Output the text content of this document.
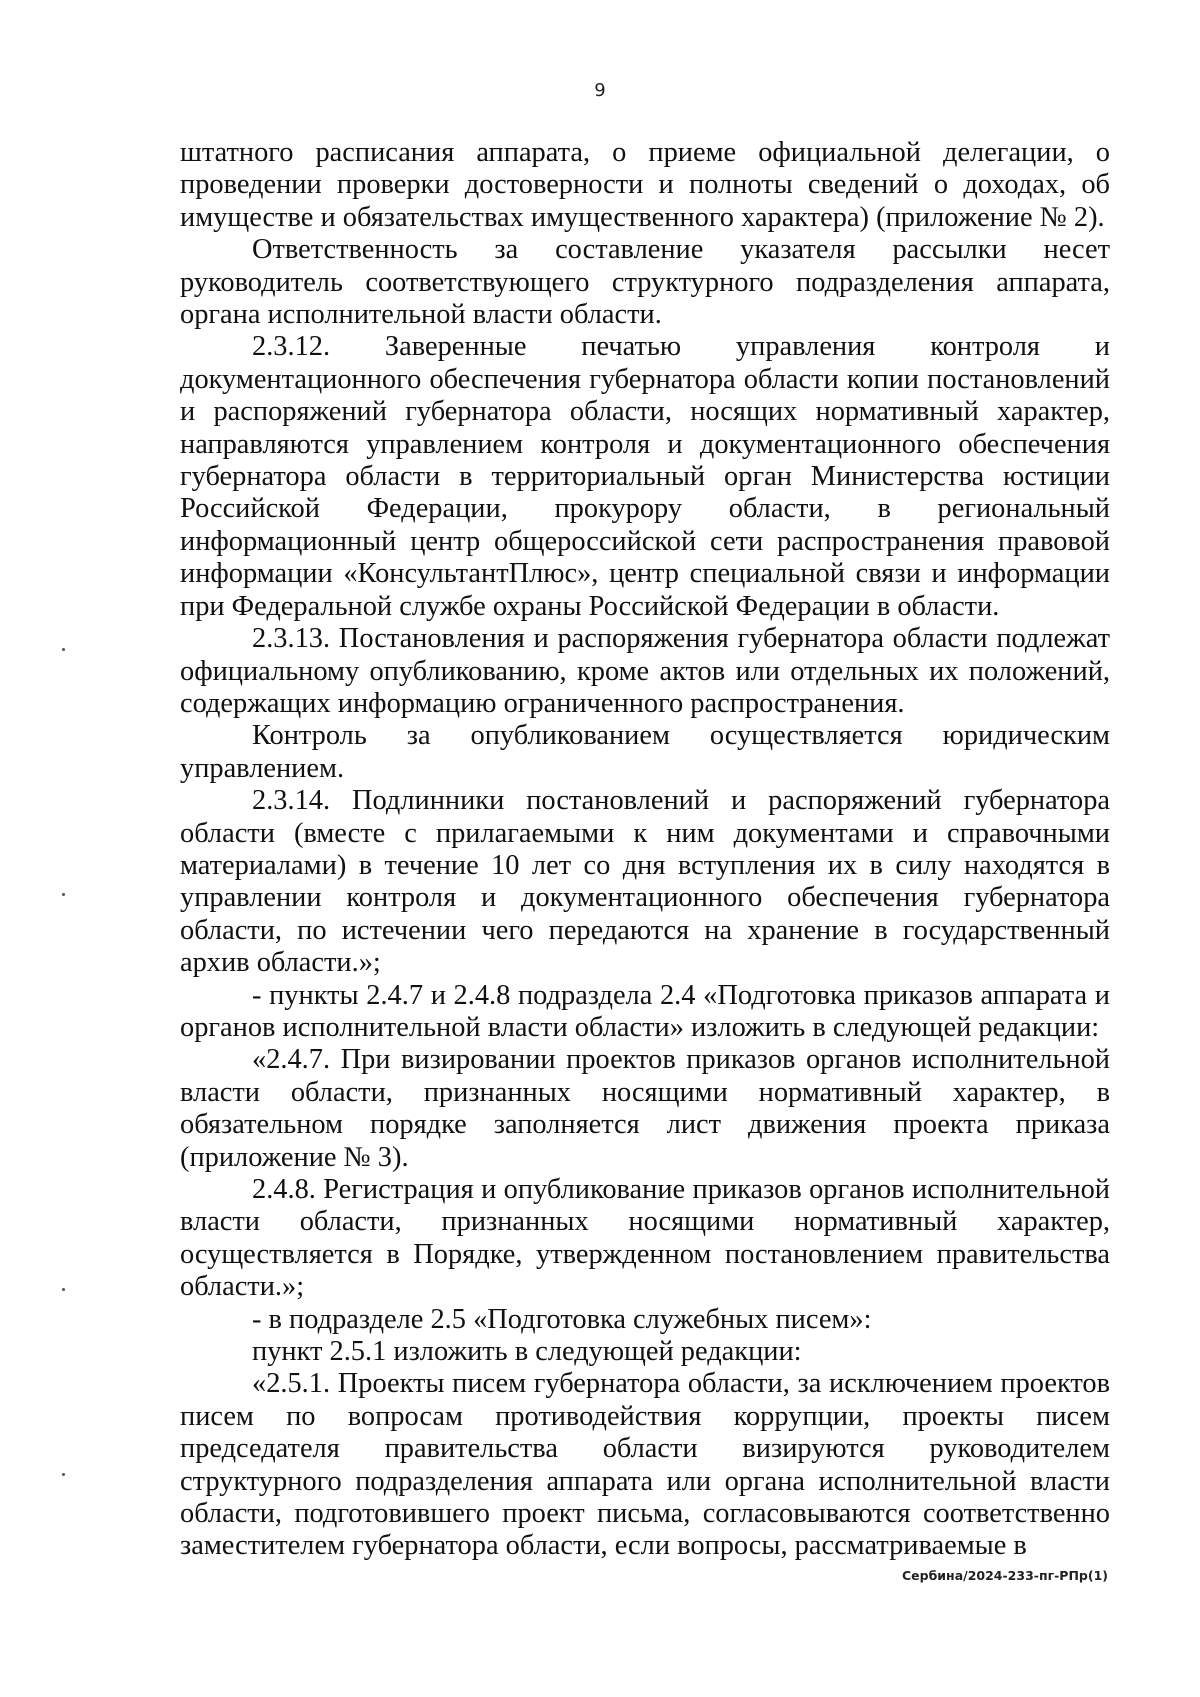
9

штатного расписания аппарата, о приеме официальной делегации, о проведении проверки достоверности и полноты сведений о доходах, об имуществе и обязательствах имущественного характера) (приложение № 2).

Ответственность за составление указателя рассылки несет руководитель соответствующего структурного подразделения аппарата, органа исполнительной власти области.

2.3.12. Заверенные печатью управления контроля и документационного обеспечения губернатора области копии постановлений и распоряжений губернатора области, носящих нормативный характер, направляются управлением контроля и документационного обеспечения губернатора области в территориальный орган Министерства юстиции Российской Федерации, прокурору области, в региональный информационный центр общероссийской сети распространения правовой информации «КонсультантПлюс», центр специальной связи и информации при Федеральной службе охраны Российской Федерации в области.

2.3.13. Постановления и распоряжения губернатора области подлежат официальному опубликованию, кроме актов или отдельных их положений, содержащих информацию ограниченного распространения.

Контроль за опубликованием осуществляется юридическим управлением.

2.3.14. Подлинники постановлений и распоряжений губернатора области (вместе с прилагаемыми к ним документами и справочными материалами) в течение 10 лет со дня вступления их в силу находятся в управлении контроля и документационного обеспечения губернатора области, по истечении чего передаются на хранение в государственный архив области.»;

- пункты 2.4.7 и 2.4.8 подраздела 2.4 «Подготовка приказов аппарата и органов исполнительной власти области» изложить в следующей редакции:

«2.4.7. При визировании проектов приказов органов исполнительной власти области, признанных носящими нормативный характер, в обязательном порядке заполняется лист движения проекта приказа (приложение № 3).

2.4.8. Регистрация и опубликование приказов органов исполнительной власти области, признанных носящими нормативный характер, осуществляется в Порядке, утвержденном постановлением правительства области.»;

- в подразделе 2.5 «Подготовка служебных писем»:

пункт 2.5.1 изложить в следующей редакции:

«2.5.1. Проекты писем губернатора области, за исключением проектов писем по вопросам противодействия коррупции, проекты писем председателя правительства области визируются руководителем структурного подразделения аппарата или органа исполнительной власти области, подготовившего проект письма, согласовываются соответственно заместителем губернатора области, если вопросы, рассматриваемые в

Сербина/2024-233-пг-РПр(1)
